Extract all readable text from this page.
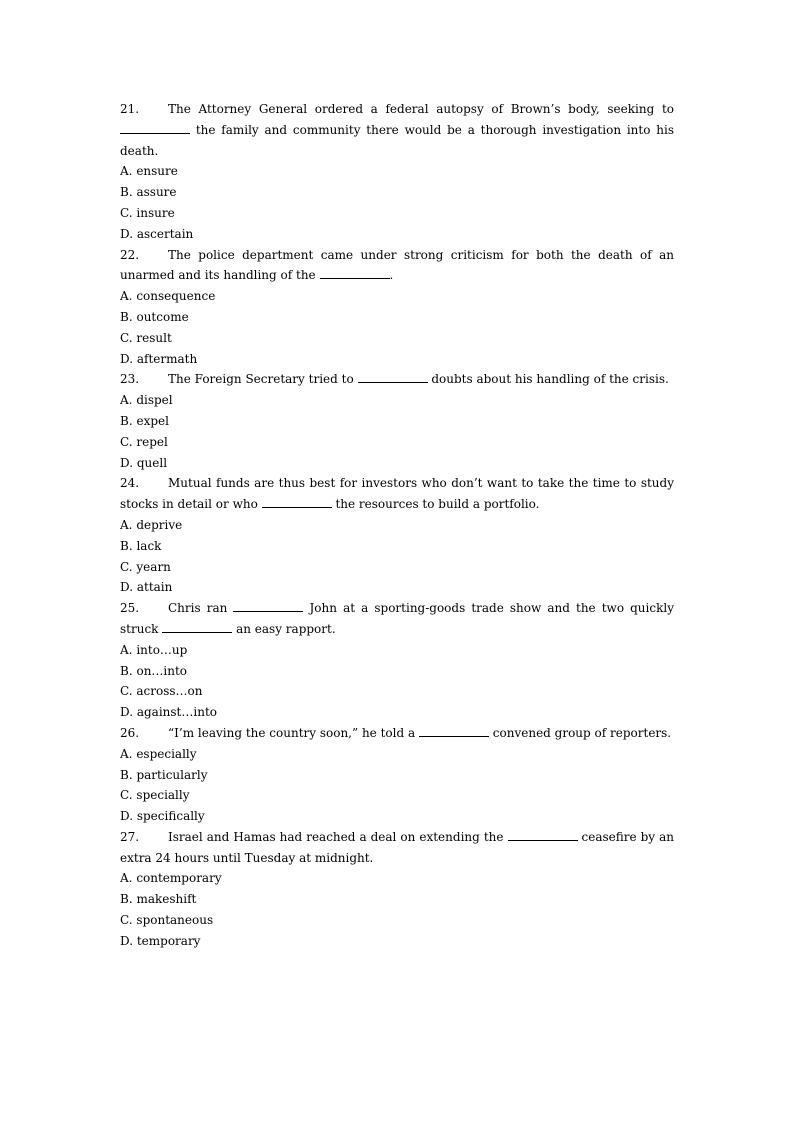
21. The Attorney General ordered a federal autopsy of Brown’s body, seeking to  the family and community there would be a thorough investigation into his death.
A. ensure
B. assure
C. insure
D. ascertain
22. The police department came under strong criticism for both the death of an unarmed and its handling of the	.
A. consequence
B. outcome
C. result
D. aftermath
23. The Foreign Secretary tried to	doubts about his handling of the crisis.
A. dispel
B. expel
C. repel
D. quell
24. Mutual funds are thus best for investors who don’t want to take the time to study stocks in detail or who	the resources to build a portfolio.
A. deprive
B. lack
C. yearn
D. attain
25. Chris ran	John at a sporting-goods trade show and the two quickly struck	an easy rapport.
A. into…up
B. on…into
C. across…on
D. against…into
26. “I’m leaving the country soon,” he told a	convened group of reporters.
A. especially
B. particularly
C. specially
D. specifically
27. Israel and Hamas had reached a deal on extending the	ceasefire by an extra 24 hours until Tuesday at midnight.
A. contemporary
B. makeshift
C. spontaneous
D. temporary
